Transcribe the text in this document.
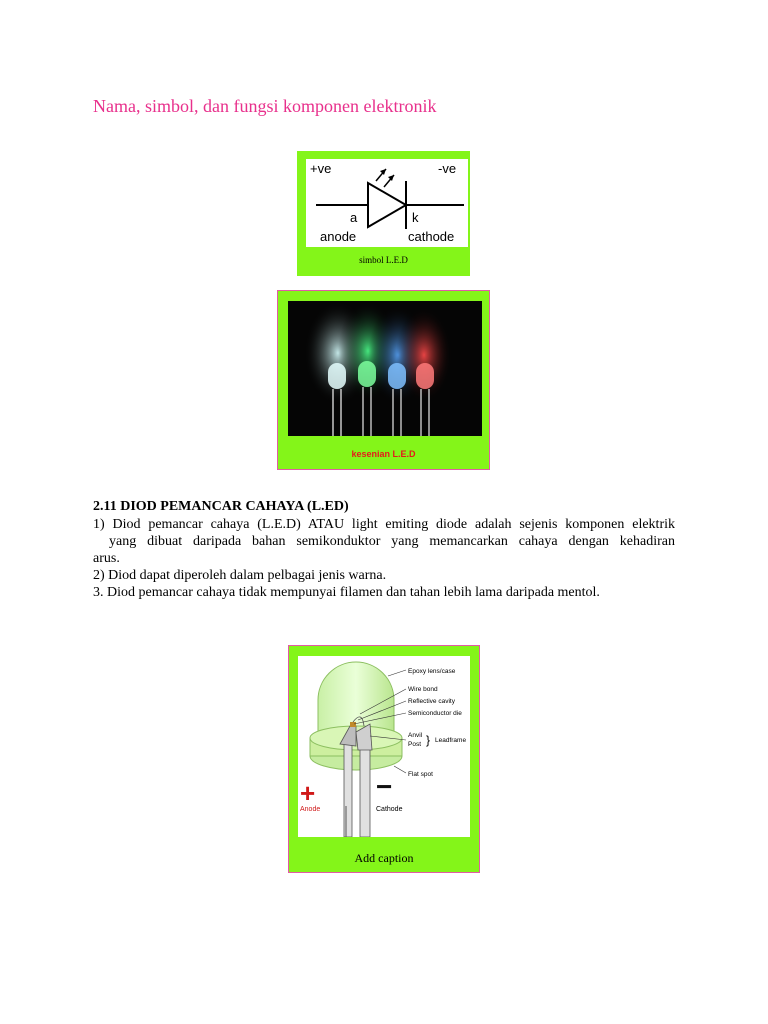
Nama, simbol, dan fungsi komponen elektronik
+ve	-ve
a	k
anode	cathode
simbol L.E.D
kesenian L.E.D
2.11 DIOD PEMANCAR CAHAYA (L.ED)
1) Diod pemancar cahaya (L.E.D) ATAU light emiting diode adalah sejenis komponen elektrik
yang dibuat daripada bahan semikonduktor yang memancarkan cahaya dengan kehadiran
arus.
2) Diod dapat diperoleh dalam pelbagai jenis warna.
3. Diod pemancar cahaya tidak mempunyai filamen dan tahan lebih lama daripada mentol.
Epoxy lens/case
Wire bond
Reflective cavity
Semiconductor die
Anvil
Post } Leadframe
Flat spot
+ −
Anode	Cathode
Add caption
